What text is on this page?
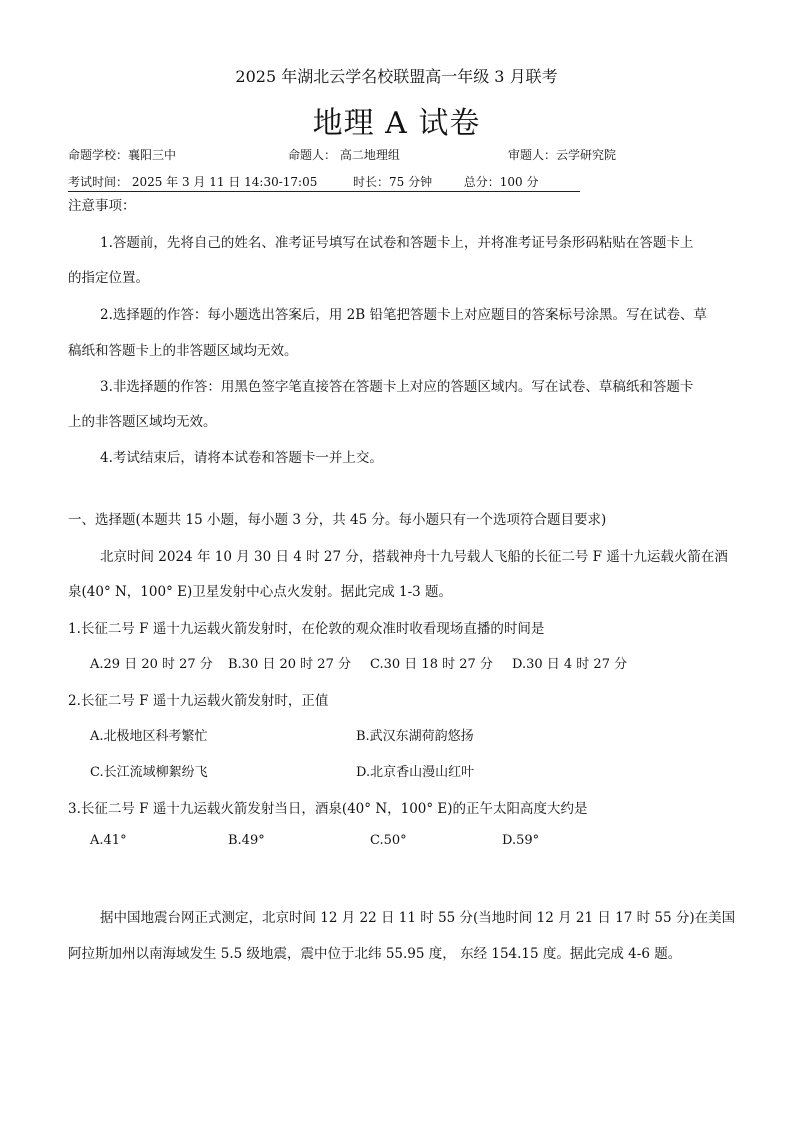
2025 年湖北云学名校联盟高一年级 3 月联考
地理 A 试卷
命题学校：襄阳三中	命题人： 高二地理组	审题人：云学研究院
考试时间： 2025 年 3 月 11 日 14:30-17:05	时长：75 分钟	总分：100 分
注意事项：
1.答题前，先将自己的姓名、准考证号填写在试卷和答题卡上，并将准考证号条形码粘贴在答题卡上
的指定位置。
2.选择题的作答：每小题选出答案后，用 2B 铅笔把答题卡上对应题目的答案标号涂黑。写在试卷、草
稿纸和答题卡上的非答题区域均无效。
3.非选择题的作答：用黑色签字笔直接答在答题卡上对应的答题区域内。写在试卷、草稿纸和答题卡
上的非答题区域均无效。
4.考试结束后，请将本试卷和答题卡一并上交。
一、选择题(本题共 15 小题，每小题 3 分，共 45 分。每小题只有一个选项符合题目要求)
北京时间 2024 年 10 月 30 日 4 时 27 分，搭载神舟十九号载人飞船的长征二号 F 遥十九运载火箭在酒
泉(40° N，100° E)卫星发射中心点火发射。据此完成 1-3 题。
1.长征二号 F 遥十九运载火箭发射时，在伦敦的观众准时收看现场直播的时间是
A.29 日 20 时 27 分 B.30 日 20 时 27 分 C.30 日 18 时 27 分 D.30 日 4 时 27 分
2.长征二号 F 遥十九运载火箭发射时，正值
A.北极地区科考繁忙	B.武汉东湖荷韵悠扬
C.长江流域柳絮纷飞	D.北京香山漫山红叶
3.长征二号 F 遥十九运载火箭发射当日，酒泉(40° N，100° E)的正午太阳高度大约是
A.41°	B.49°	C.50°	D.59°
据中国地震台网正式测定，北京时间 12 月 22 日 11 时 55 分(当地时间 12 月 21 日 17 时 55 分)在美国
阿拉斯加州以南海域发生 5.5 级地震，震中位于北纬 55.95 度， 东经 154.15 度。据此完成 4-6 题。
